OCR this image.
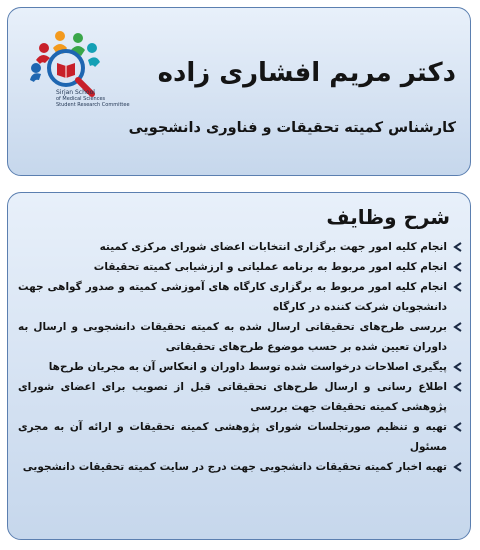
Sirjan School
of Medical Sciences
Student Research Committee
دکتر مریم افشاری زاده
کارشناس کمیته تحقیقات و فناوری دانشجویی
شرح وظایف
انجام کلیه امور جهت برگزاری انتخابات اعضای شورای مرکزی کمیته
انجام کلیه امور مربوط به برنامه عملیاتی و ارزشیابی کمیته تحقیقات
انجام کلیه امور مربوط به برگزاری کارگاه های آموزشی کمیته و صدور گواهی جهت دانشجویان شرکت کننده در کارگاه
بررسی طرح‌های تحقیقاتی ارسال شده به کمیته تحقیقات دانشجویی و ارسال به داوران تعیین شده بر حسب موضوع طرح‌های تحقیقاتی
پیگیری اصلاحات درخواست شده توسط داوران و انعکاس آن به مجریان طرح‌ها
اطلاع رسانی و ارسال طرح‌های تحقیقاتی قبل از تصویب برای اعضای شورای پژوهشی کمیته تحقیقات جهت بررسی
تهیه و تنظیم صورتجلسات شورای پژوهشی کمیته تحقیقات و ارائه آن به مجری مسئول
تهیه اخبار کمیته تحقیقات دانشجویی جهت درج در سایت کمیته تحقیقات دانشجویی
